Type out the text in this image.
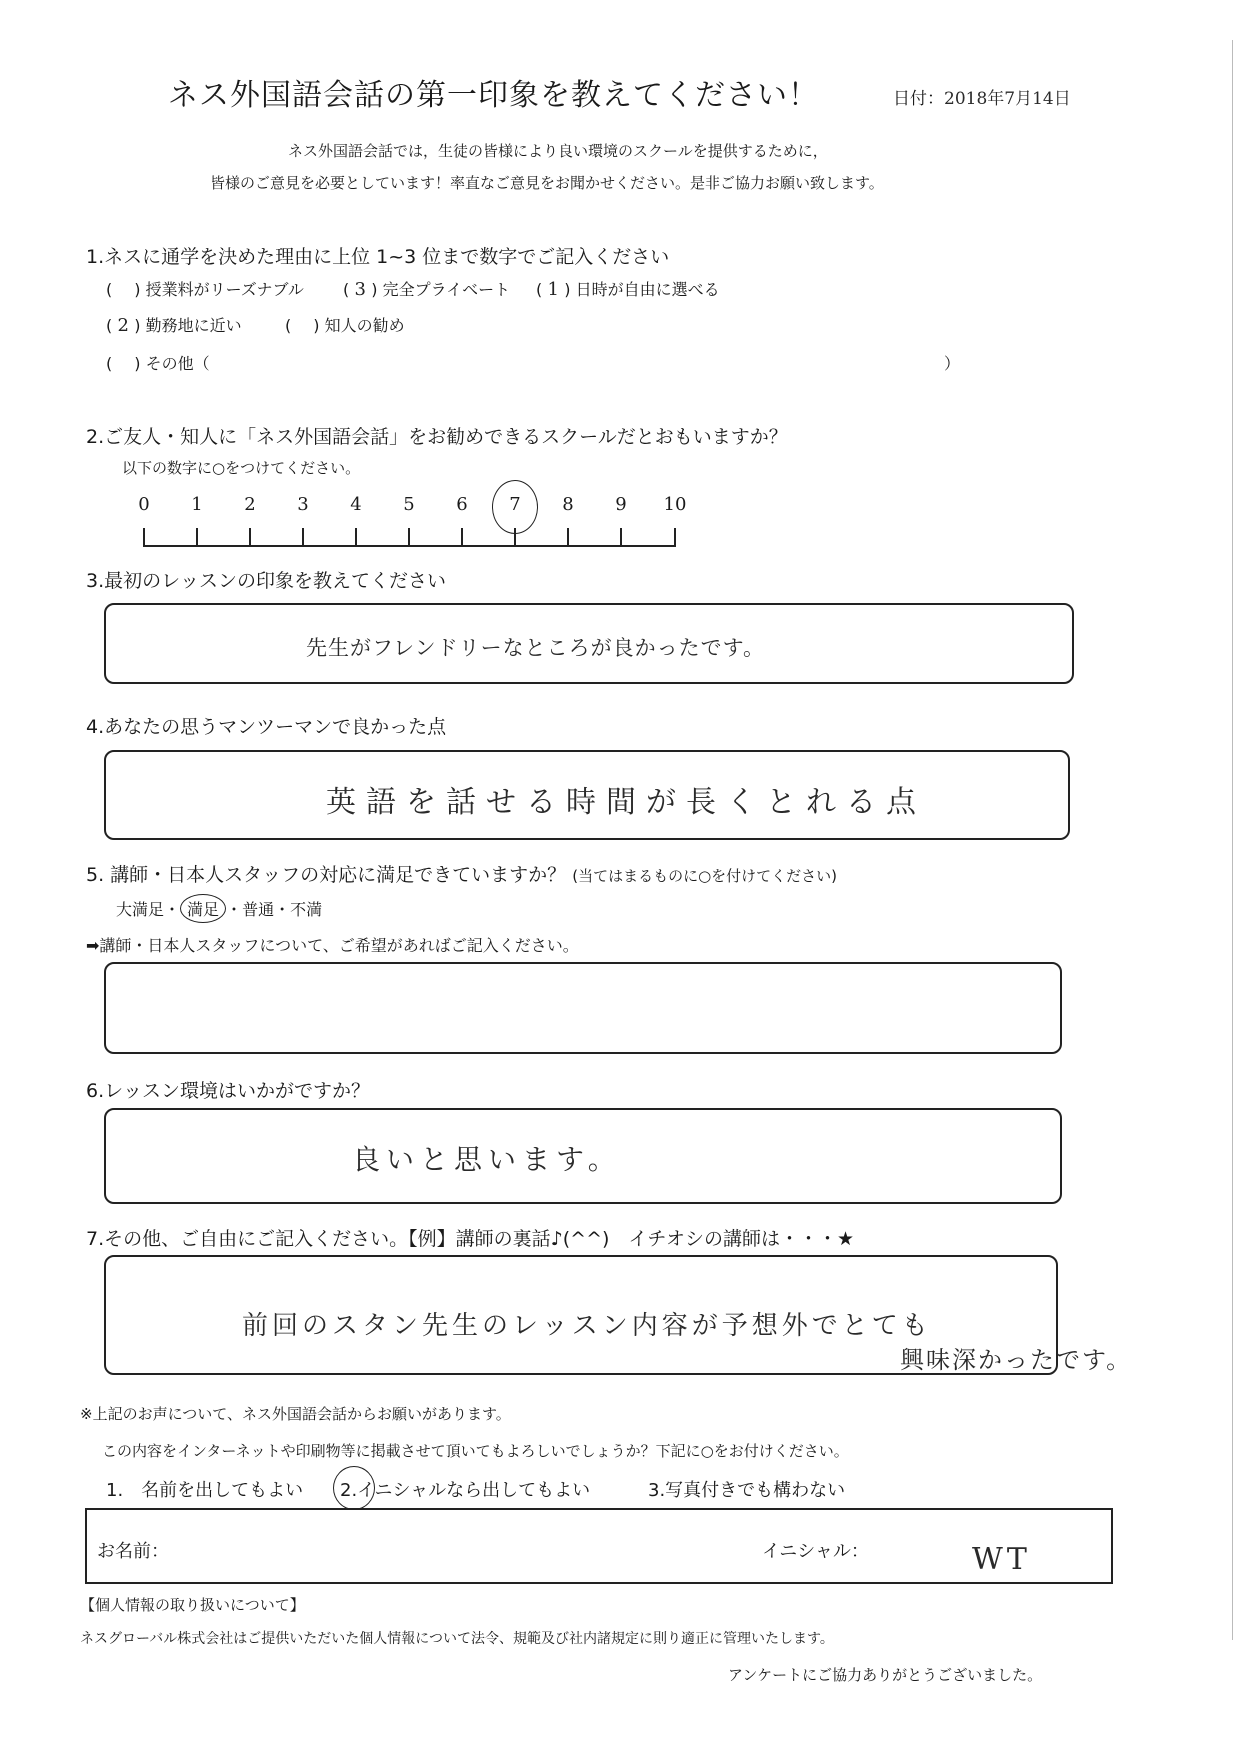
ネス外国語会話の第一印象を教えてください！	日付：2018年7月14日
ネス外国語会話では，生徒の皆様により良い環境のスクールを提供するために，
皆様のご意見を必要としています！率直なご意見をお聞かせください。是非ご協力お願い致します。
1.ネスに通学を決めた理由に上位 1~3 位まで数字でご記入ください
( ) 授業料がリーズナブル ( 3 ) 完全プライベート ( 1 ) 日時が自由に選べる
( 2 ) 勤務地に近い	( ) 知人の勧め
( ) その他（	）
2.ご友人・知人に「ネス外国語会話」をお勧めできるスクールだとおもいますか？
以下の数字に○をつけてください。
0 1 2 3 4 5 6 7 8 9 10
3.最初のレッスンの印象を教えてください
先生がフレンドリーなところが良かったです。
4.あなたの思うマンツーマンで良かった点
英語を話せる時間が長くとれる点
5. 講師・日本人スタッフの対応に満足できていますか？ (当てはまるものに○を付けてください)
大満足・ 満足 ・普通・不満
➡講師・日本人スタッフについて、ご希望があればご記入ください。
6.レッスン環境はいかがですか？
良いと思います。
7.その他、ご自由にご記入ください。【例】講師の裏話♪(^^)　イチオシの講師は・・・★
前回のスタン先生のレッスン内容が予想外でとても
興味深かったです。
※上記のお声について、ネス外国語会話からお願いがあります。
この内容をインターネットや印刷物等に掲載させて頂いてもよろしいでしょうか？下記に○をお付けください。
1.　名前を出してもよい 2.イニシャルなら出してもよい	3.写真付きでも構わない
お名前：	イニシャル：	WT
【個人情報の取り扱いについて】
ネスグローバル株式会社はご提供いただいた個人情報について法令、規範及び社内諸規定に則り適正に管理いたします。
アンケートにご協力ありがとうございました。
